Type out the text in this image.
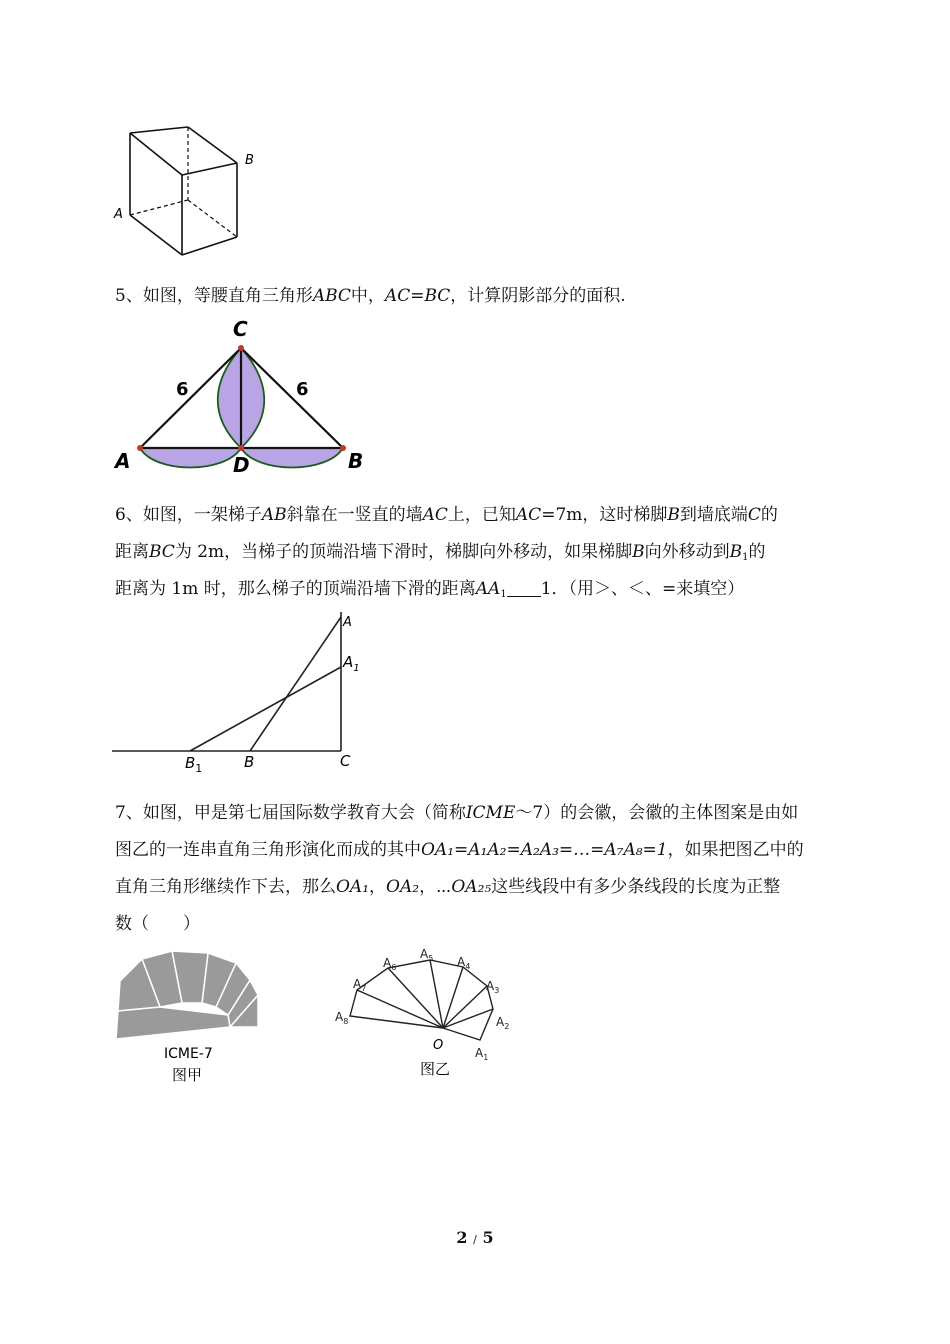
A
B
5、如图，等腰直角三角形ABC中，AC=BC，计算阴影部分的面积.
C
A	D	B
6	6
6、如图，一架梯子AB斜靠在一竖直的墙AC上，已知AC=7m，这时梯脚B到墙底端C的
距离BC为 2m，当梯子的顶端沿墙下滑时，梯脚向外移动，如果梯脚B向外移动到$B_1$的
距离为 1m 时，那么梯子的顶端沿墙下滑的距离$AA_1$ 1．（用＞、＜、=来填空）
A
$A_1$
$B_1$	B	C
7、如图，甲是第七届国际数学教育大会（简称ICME～7）的会徽，会徽的主体图案是由如
图乙的一连串直角三角形演化而成的其中OA₁=A₁A₂=A₂A₃=…=A₇A₈=1，如果把图乙中的
直角三角形继续作下去，那么OA₁，OA₂，⋯OA₂₅这些线段中有多少条线段的长度为正整
数（　　）
ICME-7
图甲
$A_1$
$A_2$
$A_3$
$A_4$
$A_5$
$A_6$
$A_7$
$A_8$
O
图乙
2 / 5
